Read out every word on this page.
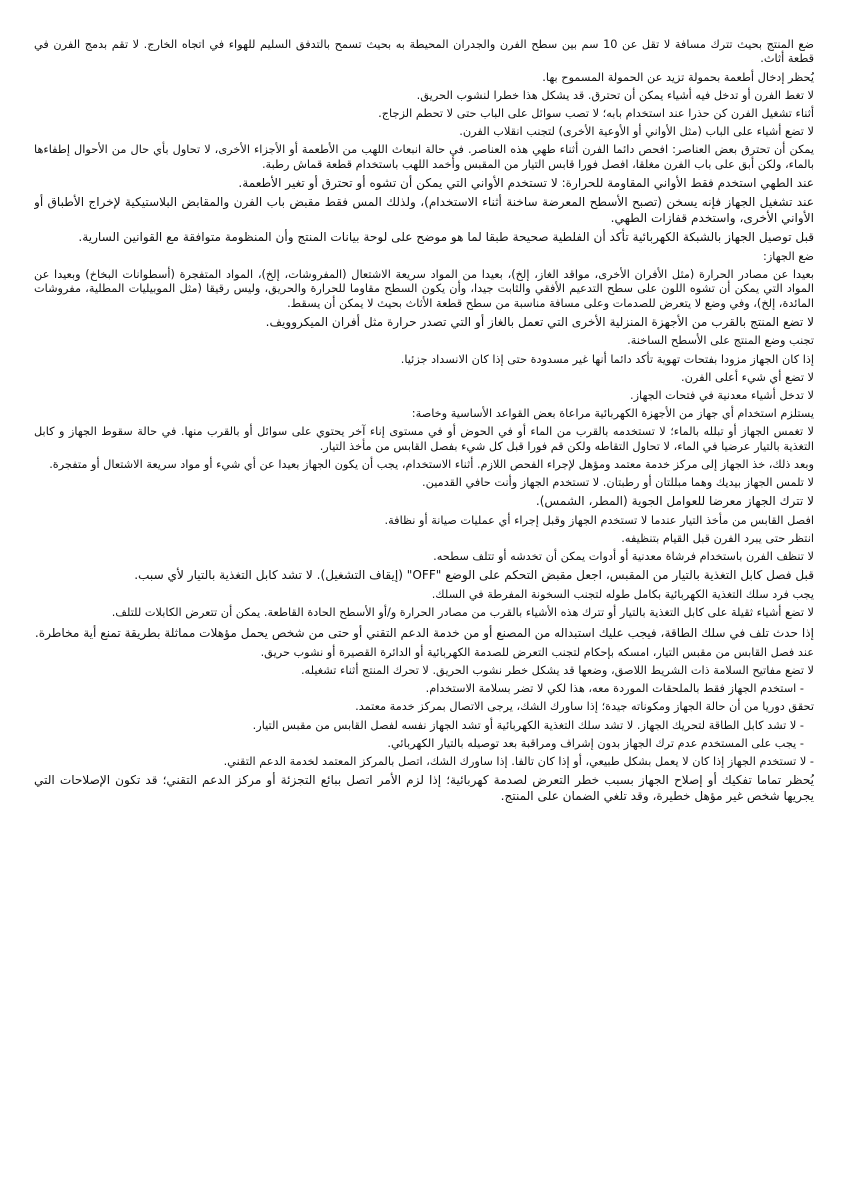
ضع المنتج بحيث تترك مسافة لا تقل عن 10 سم بين سطح الفرن والجدران المحيطة به بحيث تسمح بالتدفق السليم للهواء في اتجاه الخارج. لا تقم بدمج الفرن في قطعة أثاث.

يُحظر إدخال أطعمة بحمولة تزيد عن الحمولة المسموح بها.

لا تغط الفرن أو تدخل فيه أشياء يمكن أن تحترق. قد يشكل هذا خطرا لنشوب الحريق.

أثناء تشغيل الفرن كن حذرا عند استخدام بابه؛ لا تصب سوائل على الباب حتى لا تحطم الزجاج.

لا تضع أشياء على الباب (مثل الأواني أو الأوعية الأخرى) لتجنب انقلاب الفرن.

يمكن أن تحترق بعض العناصر: افحص دائما الفرن أثناء طهي هذه العناصر. في حالة انبعاث اللهب من الأطعمة أو الأجزاء الأخرى، لا تحاول بأي حال من الأحوال إطفاءها بالماء، ولكن أبق على باب الفرن مغلقا، افصل فورا قابس التيار من المقبس وأخمد اللهب باستخدام قطعة قماش رطبة.

عند الطهي استخدم فقط الأواني المقاومة للحرارة: لا تستخدم الأواني التي يمكن أن تشوه أو تحترق أو تغير الأطعمة.

عند تشغيل الجهاز فإنه يسخن (تصبح الأسطح المعرضة ساخنة أثناء الاستخدام)، ولذلك المس فقط مقبض باب الفرن والمقابض البلاستيكية لإخراج الأطباق أو الأواني الأخرى، واستخدم قفازات الطهي.

قبل توصيل الجهاز بالشبكة الكهربائية تأكد أن الفلطية صحيحة طبقا لما هو موضح على لوحة بيانات المنتج وأن المنظومة متوافقة مع القوانين السارية.

ضع الجهاز:

بعيدا عن مصادر الحرارة (مثل الأفران الأخرى، مواقد الغاز، إلخ)، بعيدا من المواد سريعة الاشتعال (المفروشات، إلخ)، المواد المتفجرة (أسطوانات البخاخ) وبعيدا عن المواد التي يمكن أن تشوه اللون على سطح التدعيم الأفقي والثابت جيدا، وأن يكون السطح مقاوما للحرارة والحريق، وليس رقيقا (مثل الموبيليات المطلية، مفروشات المائدة، إلخ)، وفي وضع لا يتعرض للصدمات وعلى مسافة مناسبة من سطح قطعة الأثاث بحيث لا يمكن أن يسقط.

لا تضع المنتج بالقرب من الأجهزة المنزلية الأخرى التي تعمل بالغاز أو التي تصدر حرارة مثل أفران الميكروويف.

تجنب وضع المنتج على الأسطح الساخنة.

إذا كان الجهاز مزودا بفتحات تهوية تأكد دائما أنها غير مسدودة حتى إذا كان الانسداد جزئيا.

لا تضع أي شيء أعلى الفرن.

لا تدخل أشياء معدنية في فتحات الجهاز.

يستلزم استخدام أي جهاز من الأجهزة الكهربائية مراعاة بعض القواعد الأساسية وخاصة:

لا تغمس الجهاز أو تبلله بالماء؛ لا تستخدمه بالقرب من الماء أو في الحوض أو في مستوى إناء آخر يحتوي على سوائل أو بالقرب منها. في حالة سقوط الجهاز و كابل التغذية بالتيار عرضيا في الماء، لا تحاول التقاطه ولكن قم فورا قبل كل شيء بفصل القابس من مأخذ التيار.

وبعد ذلك، خذ الجهاز إلى مركز خدمة معتمد ومؤهل لإجراء الفحص اللازم. أثناء الاستخدام، يجب أن يكون الجهاز بعيدا عن أي شيء أو مواد سريعة الاشتعال أو متفجرة.

لا تلمس الجهاز بيديك وهما مبللتان أو رطبتان. لا تستخدم الجهاز وأنت حافي القدمين.

لا تترك الجهاز معرضا للعوامل الجوية (المطر، الشمس).

افصل القابس من مأخذ التيار عندما لا تستخدم الجهاز وقبل إجراء أي عمليات صيانة أو نظافة.

انتظر حتى يبرد الفرن قبل القيام بتنظيفه.

لا تنظف الفرن باستخدام فرشاة معدنية أو أدوات يمكن أن تخدشه أو تتلف سطحه.

قبل فصل كابل التغذية بالتيار من المقبس، اجعل مقبض التحكم على الوضع "OFF" (إيقاف التشغيل). لا تشد كابل التغذية بالتيار لأي سبب.

يجب فرد سلك التغذية الكهربائية بكامل طوله لتجنب السخونة المفرطة في السلك.

لا تضع أشياء ثقيلة على كابل التغذية بالتيار أو تترك هذه الأشياء بالقرب من مصادر الحرارة و/أو الأسطح الحادة القاطعة. يمكن أن تتعرض الكابلات للتلف.

إذا حدث تلف في سلك الطاقة، فيجب عليك استبداله من المصنع أو من خدمة الدعم التقني أو حتى من شخص يحمل مؤهلات مماثلة بطريقة تمنع أية مخاطرة.

عند فصل القابس من مقبس التيار، امسكه بإحكام لتجنب التعرض للصدمة الكهربائية أو الدائرة القصيرة أو نشوب حريق.

لا تضع مفاتيح السلامة ذات الشريط اللاصق، وضعها قد يشكل خطر نشوب الحريق. لا تحرك المنتج أثناء تشغيله.

- استخدم الجهاز فقط بالملحقات الموردة معه، هذا لكي لا تضر بسلامة الاستخدام.

تحقق دوريا من أن حالة الجهاز ومكوناته جيدة؛ إذا ساورك الشك، يرجى الاتصال بمركز خدمة معتمد.

- لا تشد كابل الطاقة لتحريك الجهاز. لا تشد سلك التغذية الكهربائية أو تشد الجهاز نفسه لفصل القابس من مقبس التيار.

- يجب على المستخدم عدم ترك الجهاز بدون إشراف ومراقبة بعد توصيله بالتيار الكهربائي.

- لا تستخدم الجهاز إذا كان لا يعمل بشكل طبيعي، أو إذا كان تالفا. إذا ساورك الشك، اتصل بالمركز المعتمد لخدمة الدعم التقني.

يُحظر تماما تفكيك أو إصلاح الجهاز بسبب خطر التعرض لصدمة كهربائية؛ إذا لزم الأمر اتصل ببائع التجزئة أو مركز الدعم التقني؛ قد تكون الإصلاحات التي يجريها شخص غير مؤهل خطيرة، وقد تلغي الضمان على المنتج.
